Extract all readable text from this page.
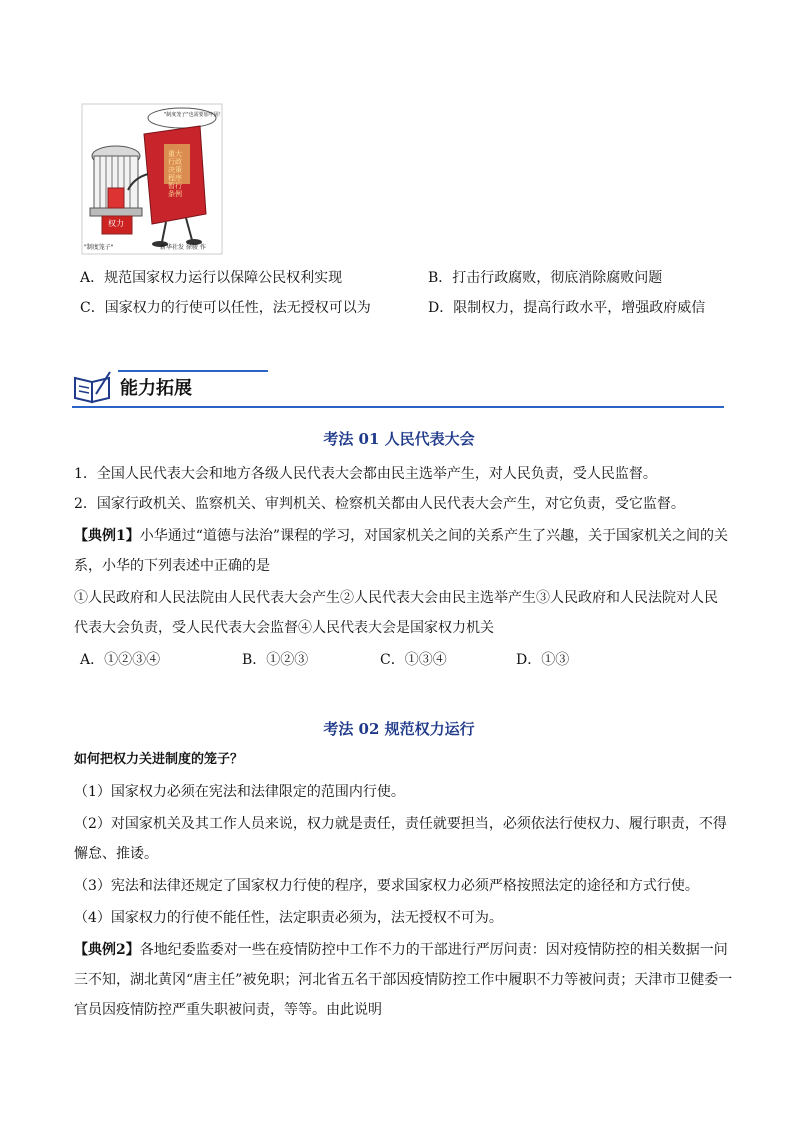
"制度笼子"也需要加牢固！
重大行政决策程序暂行条例
权力
"制度笼子"	新华社发 徐骏 作
A．规范国家权力运行以保障公民权利实现	B．打击行政腐败，彻底消除腐败问题
C．国家权力的行使可以任性，法无授权可以为	D．限制权力，提高行政水平，增强政府威信
能力拓展
考法 01 人民代表大会
1．全国人民代表大会和地方各级人民代表大会都由民主选举产生，对人民负责，受人民监督。
2．国家行政机关、监察机关、审判机关、检察机关都由人民代表大会产生，对它负责，受它监督。
【典例1】小华通过“道德与法治”课程的学习，对国家机关之间的关系产生了兴趣，关于国家机关之间的关
系，小华的下列表述中正确的是
①人民政府和人民法院由人民代表大会产生②人民代表大会由民主选举产生③人民政府和人民法院对人民
代表大会负责，受人民代表大会监督④人民代表大会是国家权力机关
A．①②③④	B．①②③	C．①③④	D．①③
考法 02 规范权力运行
如何把权力关进制度的笼子？
（1）国家权力必须在宪法和法律限定的范围内行使。
（2）对国家机关及其工作人员来说，权力就是责任，责任就要担当，必须依法行使权力、履行职责，不得
懈怠、推诿。
（3）宪法和法律还规定了国家权力行使的程序，要求国家权力必须严格按照法定的途径和方式行使。
（4）国家权力的行使不能任性，法定职责必须为，法无授权不可为。
【典例2】各地纪委监委对一些在疫情防控中工作不力的干部进行严厉问责：因对疫情防控的相关数据一问
三不知，湖北黄冈“唐主任”被免职；河北省五名干部因疫情防控工作中履职不力等被问责；天津市卫健委一
官员因疫情防控严重失职被问责，等等。由此说明
